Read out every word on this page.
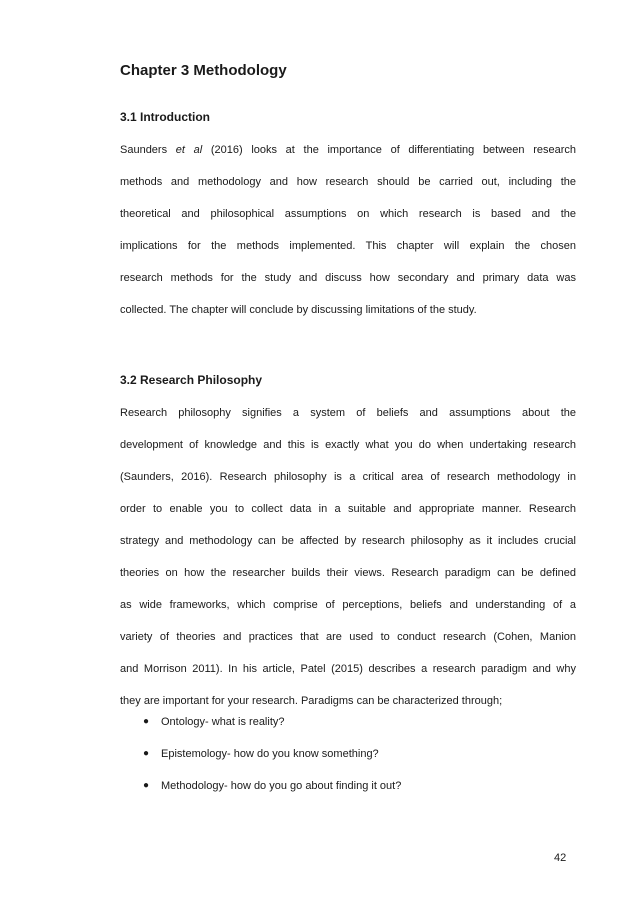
Chapter 3 Methodology
3.1 Introduction
Saunders et al (2016) looks at the importance of differentiating between research
methods and methodology and how research should be carried out, including the
theoretical and philosophical assumptions on which research is based and the
implications for the methods implemented. This chapter will explain the chosen
research methods for the study and discuss how secondary and primary data was
collected. The chapter will conclude by discussing limitations of the study.
3.2 Research Philosophy
Research philosophy signifies a system of beliefs and assumptions about the
development of knowledge and this is exactly what you do when undertaking research
(Saunders, 2016). Research philosophy is a critical area of research methodology in
order to enable you to collect data in a suitable and appropriate manner. Research
strategy and methodology can be affected by research philosophy as it includes crucial
theories on how the researcher builds their views. Research paradigm can be defined
as wide frameworks, which comprise of perceptions, beliefs and understanding of a
variety of theories and practices that are used to conduct research (Cohen, Manion
and Morrison 2011). In his article, Patel (2015) describes a research paradigm and why
they are important for your research. Paradigms can be characterized through;
● Ontology- what is reality?
● Epistemology- how do you know something?
● Methodology- how do you go about finding it out?
42
